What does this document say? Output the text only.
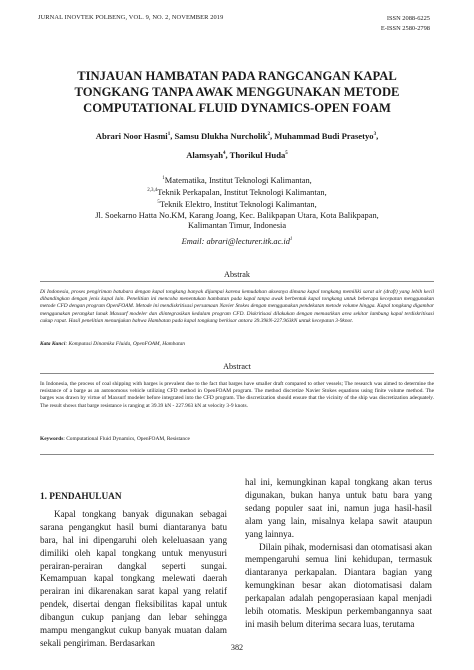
JURNAL INOVTEK POLBENG, VOL. 9, NO. 2, NOVEMBER 2019	ISSN 2088-6225
E-ISSN 2580-2798
TINJAUAN HAMBATAN PADA RANGCANGAN KAPAL
TONGKANG TANPA AWAK MENGGUNAKAN METODE
COMPUTATIONAL FLUID DYNAMICS-OPEN FOAM
Abrari Noor Hasmi$^1$, Samsu Dlukha Nurcholik$^2$, Muhammad Budi Prasetyo$^3$,
Alamsyah$^4$, Thorikul Huda$^5$
$^1$Matematika, Institut Teknologi Kalimantan,
$^{2,3,4}$Teknik Perkapalan, Institut Teknologi Kalimantan,
$^5$Teknik Elektro, Institut Teknologi Kalimantan,
Jl. Soekarno Hatta No.KM, Karang Joang, Kec. Balikpapan Utara, Kota Balikpapan,
Kalimantan Timur, Indonesia
Email: $abrari@lecturer.itk.ac.id^1$
Abstrak
Di Indonesia, proses pengiriman batubara dengan kapal tongkang banyak dijumpai karena kemudahan aksesnya dimana kapal tongkang memiliki sarat air (draft) yang lebih kecil dibandingkan dengan jenis kapal lain. Penelitian ini mencoba menentukan hambatan pada kapal tanpa awak berbentuk kapal tongkang untuk beberapa kecepatan menggunakan metode CFD dengan program OpenFOAM. Metode ini mendiskritisasi persamaan Navier Stokes dengan menggunakan pendekatan metode volume hingga. Kapal tongkang digambar menggunakan perangkat lunak Maxsurf modeler dan diintegrasikan kedalam program CFD. Diskritisasi dilakukan dengan memastikan area sekitar lambung kapal terdiskritisasi cukup rapat. Hasil penelitian menunjukan bahwa Hambatan pada kapal tongkang berkisar antara 39.39kN-227.963kN untuk kecepatan 3-9knot.
Kata Kunci: Komputasi Dinamika Fluida, OpenFOAM, Hambatan
Abstract
In Indonesia, the process of coal shipping with barges is prevalent due to the fact that barges have smaller draft compared to other vessels; The research was aimed to determine the resistance of a barge as an autonomous vehicle utilizing CFD method in OpenFOAM program. The method discretize Navier Stokes equations using finite volume method. The barges was drawn by virtue of Maxsurf modeler before integrated into the CFD program. The discretization should ensure that the vicinity of the ship was discretization adequately. The result shows that barge resistance is ranging at 39.39 kN - 227.963 kN at velocity 3-9 knots.
Keywords: Computational Fluid Dynamics, OpenFOAM, Resistance
1. PENDAHULUAN

Kapal tongkang banyak digunakan sebagai sarana pengangkut hasil bumi diantaranya batu bara, hal ini dipengaruhi oleh keleluasaan yang dimiliki oleh kapal tongkang untuk menyusuri perairan-perairan dangkal seperti sungai. Kemampuan kapal tongkang melewati daerah perairan ini dikarenakan sarat kapal yang relatif pendek, disertai dengan fleksibilitas kapal untuk dibangun cukup panjang dan lebar sehingga mampu mengangkut cukup banyak muatan dalam sekali pengiriman. Berdasarkan

hal ini, kemungkinan kapal tongkang akan terus digunakan, bukan hanya untuk batu bara yang sedang populer saat ini, namun juga hasil-hasil alam yang lain, misalnya kelapa sawit ataupun yang lainnya.

Dilain pihak, modernisasi dan otomatisasi akan mempengaruhi semua lini kehidupan, termasuk diantaranya perkapalan. Diantara bagian yang kemungkinan besar akan diotomatisasi dalam perkapalan adalah pengoperasiaan kapal menjadi lebih otomatis. Meskipun perkembangannya saat ini masih belum diterima secara luas, terutama

382
